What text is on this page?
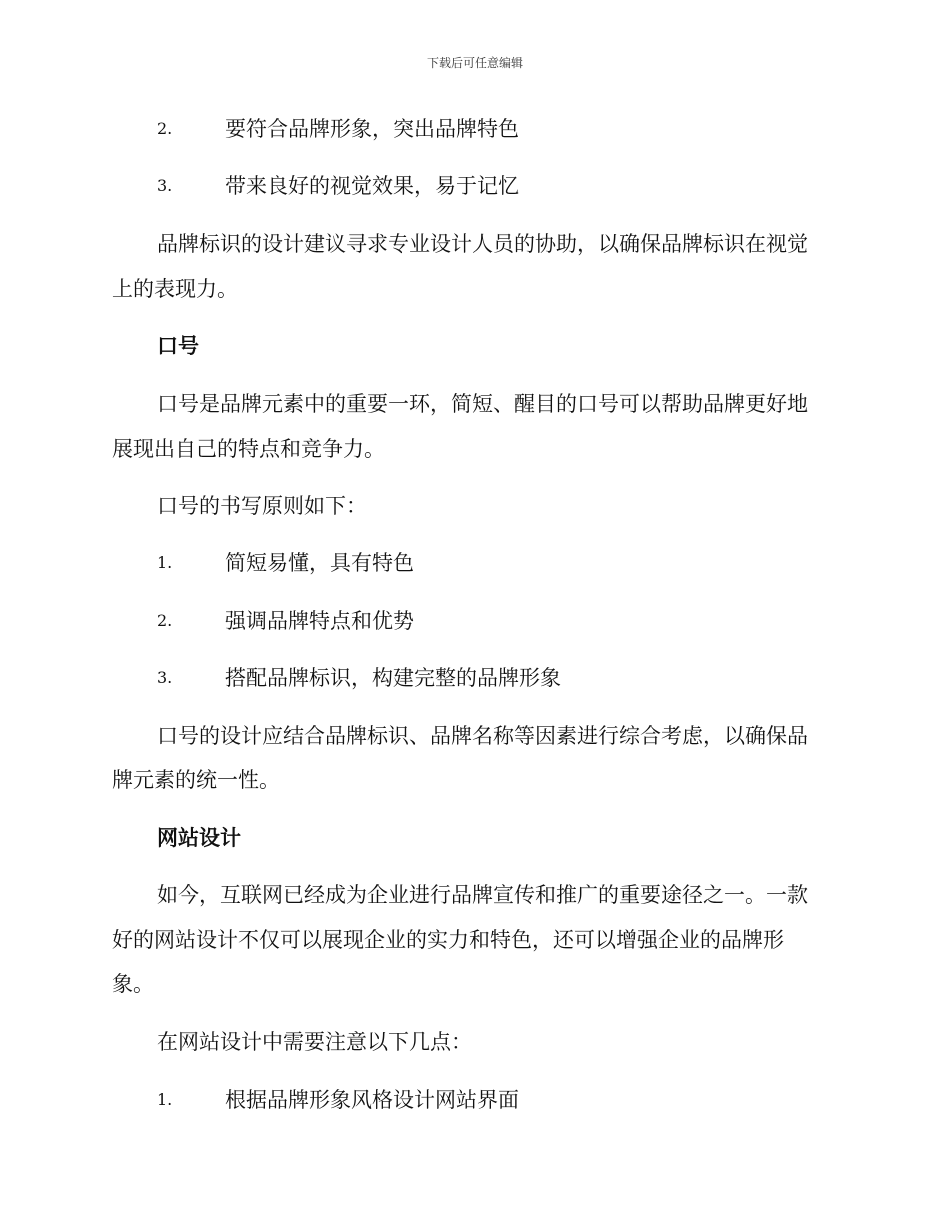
下载后可任意编辑
2.	要符合品牌形象，突出品牌特色
3.	带来良好的视觉效果，易于记忆
品牌标识的设计建议寻求专业设计人员的协助，以确保品牌标识在视觉
上的表现力。
口号
口号是品牌元素中的重要一环，简短、醒目的口号可以帮助品牌更好地
展现出自己的特点和竞争力。
口号的书写原则如下：
1.	简短易懂，具有特色
2.	强调品牌特点和优势
3.	搭配品牌标识，构建完整的品牌形象
口号的设计应结合品牌标识、品牌名称等因素进行综合考虑，以确保品
牌元素的统一性。
网站设计
如今，互联网已经成为企业进行品牌宣传和推广的重要途径之一。一款
好的网站设计不仅可以展现企业的实力和特色，还可以增强企业的品牌形
象。
在网站设计中需要注意以下几点：
1.	根据品牌形象风格设计网站界面
